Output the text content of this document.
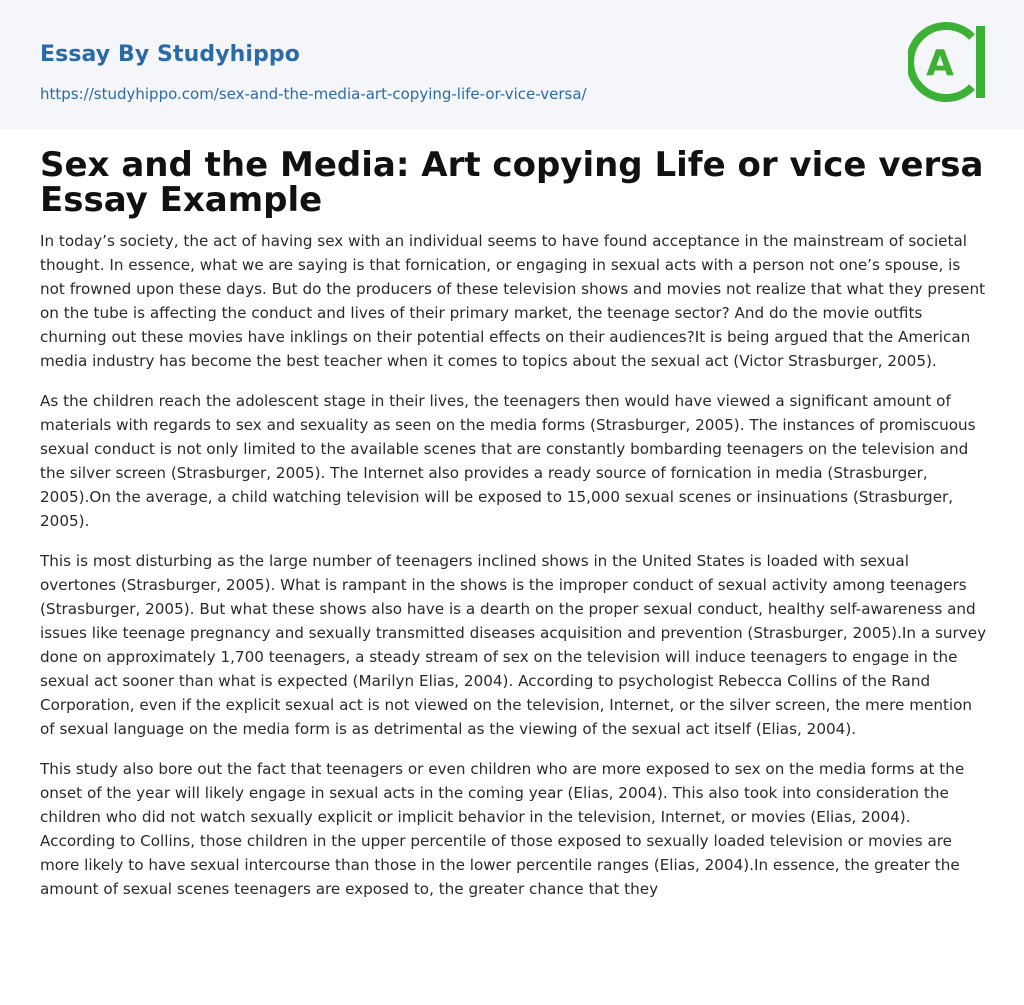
Essay By Studyhippo
https://studyhippo.com/sex-and-the-media-art-copying-life-or-vice-versa/
A
Sex and the Media: Art copying Life or vice versa Essay Example

In today’s society, the act of having sex with an individual seems to have found acceptance in the mainstream of societal thought. In essence, what we are saying is that fornication, or engaging in sexual acts with a person not one’s spouse, is not frowned upon these days. But do the producers of these television shows and movies not realize that what they present on the tube is affecting the conduct and lives of their primary market, the teenage sector? And do the movie outfits churning out these movies have inklings on their potential effects on their audiences?It is being argued that the American media industry has become the best teacher when it comes to topics about the sexual act (Victor Strasburger, 2005).

As the children reach the adolescent stage in their lives, the teenagers then would have viewed a significant amount of materials with regards to sex and sexuality as seen on the media forms (Strasburger, 2005). The instances of promiscuous sexual conduct is not only limited to the available scenes that are constantly bombarding teenagers on the television and the silver screen (Strasburger, 2005). The Internet also provides a ready source of fornication in media (Strasburger, 2005).On the average, a child watching television will be exposed to 15,000 sexual scenes or insinuations (Strasburger, 2005).

This is most disturbing as the large number of teenagers inclined shows in the United States is loaded with sexual overtones (Strasburger, 2005). What is rampant in the shows is the improper conduct of sexual activity among teenagers (Strasburger, 2005). But what these shows also have is a dearth on the proper sexual conduct, healthy self-awareness and issues like teenage pregnancy and sexually transmitted diseases acquisition and prevention (Strasburger, 2005).In a survey done on approximately 1,700 teenagers, a steady stream of sex on the television will induce teenagers to engage in the sexual act sooner than what is expected (Marilyn Elias, 2004). According to psychologist Rebecca Collins of the Rand Corporation, even if the explicit sexual act is not viewed on the television, Internet, or the silver screen, the mere mention of sexual language on the media form is as detrimental as the viewing of the sexual act itself (Elias, 2004).

This study also bore out the fact that teenagers or even children who are more exposed to sex on the media forms at the onset of the year will likely engage in sexual acts in the coming year (Elias, 2004). This also took into consideration the children who did not watch sexually explicit or implicit behavior in the television, Internet, or movies (Elias, 2004). According to Collins, those children in the upper percentile of those exposed to sexually loaded television or movies are more likely to have sexual intercourse than those in the lower percentile ranges (Elias, 2004).In essence, the greater the amount of sexual scenes teenagers are exposed to, the greater chance that they
